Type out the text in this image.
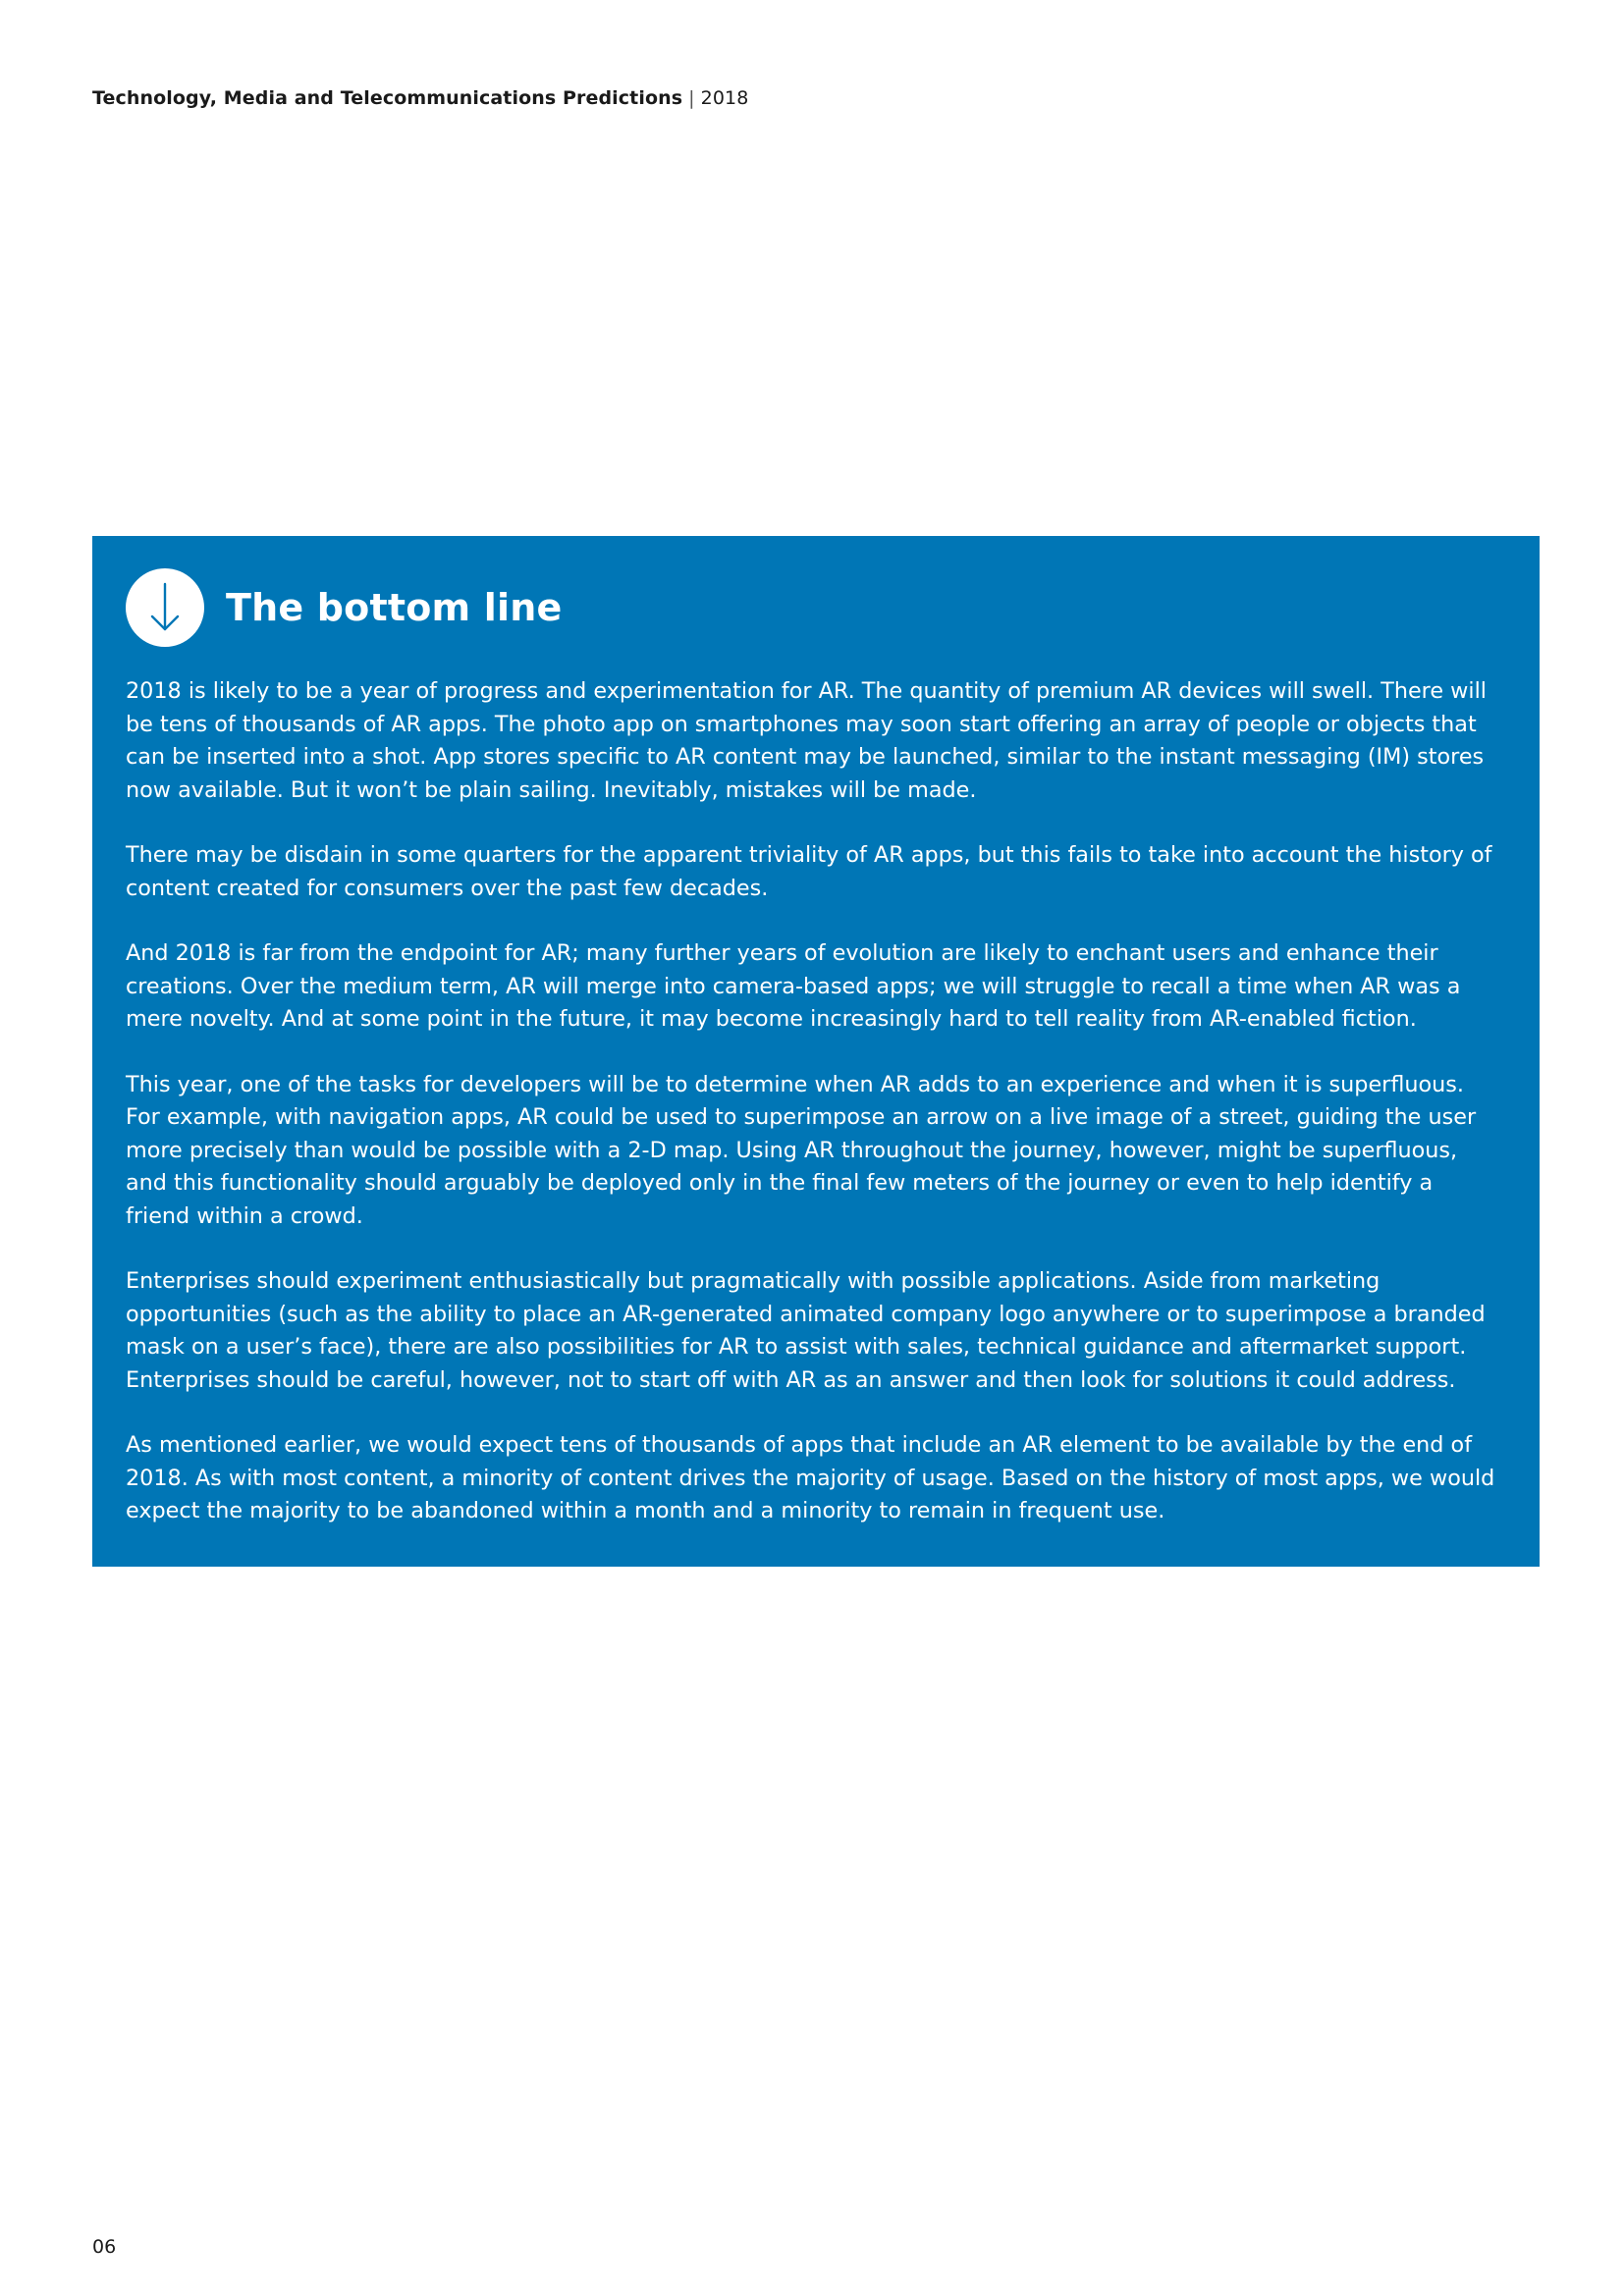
Technology, Media and Telecommunications Predictions | 2018
The bottom line

2018 is likely to be a year of progress and experimentation for AR. The quantity of premium AR devices will swell. There will be tens of thousands of AR apps. The photo app on smartphones may soon start offering an array of people or objects that can be inserted into a shot. App stores specific to AR content may be launched, similar to the instant messaging (IM) stores now available. But it won’t be plain sailing. Inevitably, mistakes will be made.

There may be disdain in some quarters for the apparent triviality of AR apps, but this fails to take into account the history of content created for consumers over the past few decades.

And 2018 is far from the endpoint for AR; many further years of evolution are likely to enchant users and enhance their creations. Over the medium term, AR will merge into camera-based apps; we will struggle to recall a time when AR was a mere novelty. And at some point in the future, it may become increasingly hard to tell reality from AR-enabled fiction.

This year, one of the tasks for developers will be to determine when AR adds to an experience and when it is superfluous. For example, with navigation apps, AR could be used to superimpose an arrow on a live image of a street, guiding the user more precisely than would be possible with a 2-D map. Using AR throughout the journey, however, might be superfluous, and this functionality should arguably be deployed only in the final few meters of the journey or even to help identify a friend within a crowd.

Enterprises should experiment enthusiastically but pragmatically with possible applications. Aside from marketing opportunities (such as the ability to place an AR-generated animated company logo anywhere or to superimpose a branded mask on a user’s face), there are also possibilities for AR to assist with sales, technical guidance and aftermarket support. Enterprises should be careful, however, not to start off with AR as an answer and then look for solutions it could address.

As mentioned earlier, we would expect tens of thousands of apps that include an AR element to be available by the end of 2018. As with most content, a minority of content drives the majority of usage. Based on the history of most apps, we would expect the majority to be abandoned within a month and a minority to remain in frequent use.

06
